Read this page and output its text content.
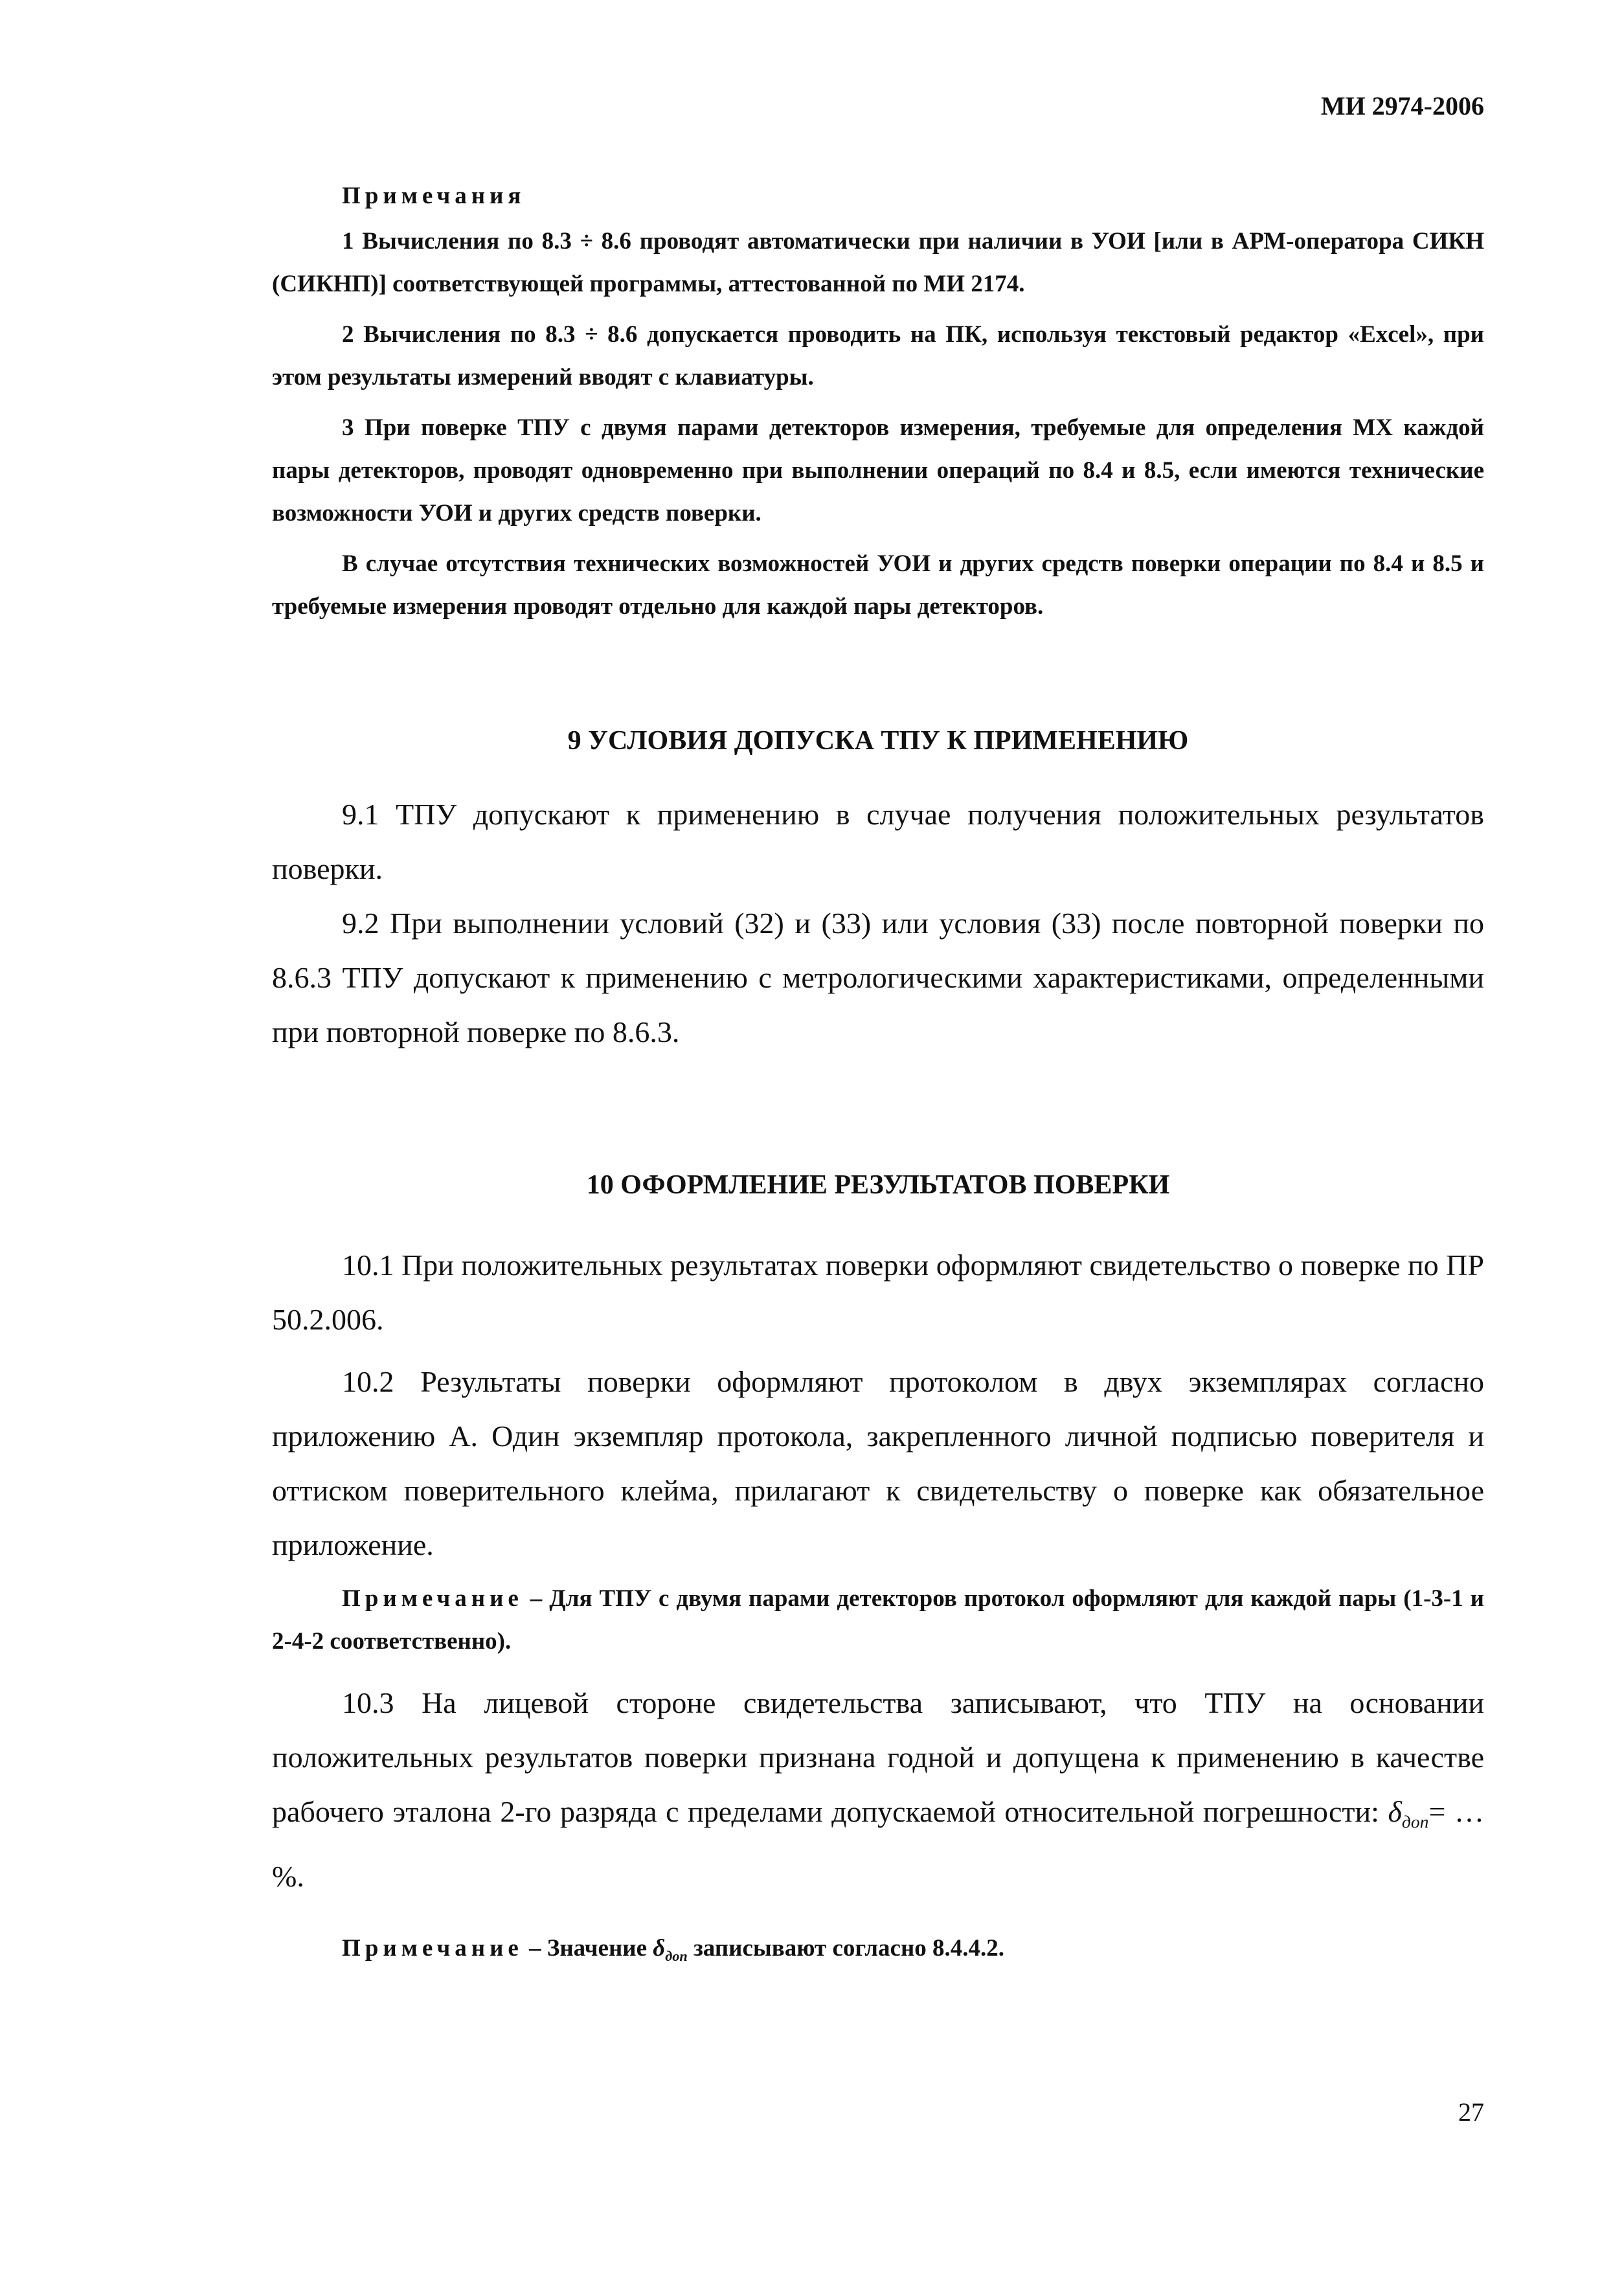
МИ 2974-2006
Примечания

1 Вычисления по 8.3 ÷ 8.6 проводят автоматически при наличии в УОИ [или в АРМ-оператора СИКН (СИКНП)] соответствующей программы, аттестованной по МИ 2174.

2 Вычисления по 8.3 ÷ 8.6 допускается проводить на ПК, используя текстовый редактор «Excel», при этом результаты измерений вводят с клавиатуры.

3 При поверке ТПУ с двумя парами детекторов измерения, требуемые для определения МХ каждой пары детекторов, проводят одновременно при выполнении операций по 8.4 и 8.5, если имеются технические возможности УОИ и других средств поверки.

В случае отсутствия технических возможностей УОИ и других средств поверки операции по 8.4 и 8.5 и требуемые измерения проводят отдельно для каждой пары детекторов.

9 УСЛОВИЯ ДОПУСКА ТПУ К ПРИМЕНЕНИЮ

9.1 ТПУ допускают к применению в случае получения положительных результатов поверки.

9.2 При выполнении условий (32) и (33) или условия (33) после повторной поверки по 8.6.3 ТПУ допускают к применению с метрологическими характеристиками, определенными при повторной поверке по 8.6.3.

10 ОФОРМЛЕНИЕ РЕЗУЛЬТАТОВ ПОВЕРКИ

10.1 При положительных результатах поверки оформляют свидетельство о поверке по ПР 50.2.006.

10.2 Результаты поверки оформляют протоколом в двух экземплярах согласно приложению А. Один экземпляр протокола, закрепленного личной подписью поверителя и оттиском поверительного клейма, прилагают к свидетельству о поверке как обязательное приложение.

Примечание – Для ТПУ с двумя парами детекторов протокол оформляют для каждой пары (1-3-1 и 2-4-2 соответственно).

10.3 На лицевой стороне свидетельства записывают, что ТПУ на основании положительных результатов поверки признана годной и допущена к применению в качестве рабочего эталона 2-го разряда с пределами допускаемой относительной погрешности: $\delta_{доп}=$ … %.

Примечание – Значение $\delta_{доп}$ записывают согласно 8.4.4.2.

27
